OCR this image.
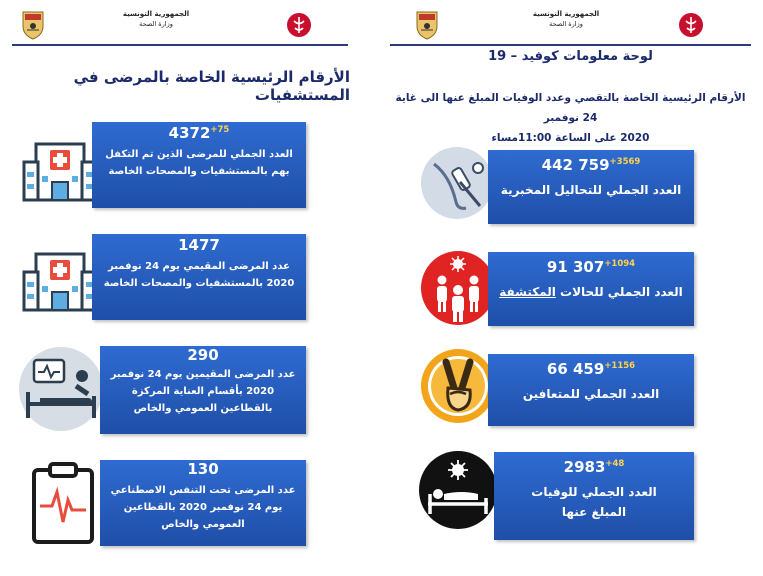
الجمهورية التونسية
وزارة الصحة
الأرقام الرئيسية الخاصة بالمرضى في المستشفيات
$4372^{+75}$
العدد الجملي للمرضى الذين تم التكفل بهم بالمستشفيات والمصحات الخاصة
1477
عدد المرضى المقيمي يوم 24 نوفمبر 2020 بالمستشفيات والمصحات الخاصة
290
عدد المرضى المقيمين يوم 24 نوفمبر 2020 بأقسام العناية المركزة بالقطاعين العمومي والخاص
130
عدد المرضى تحت التنفس الاصطناعي يوم 24 نوفمبر 2020 بالقطاعين العمومي والخاص
الجمهورية التونسية
وزارة الصحة
لوحة معلومات كوفيد – 19
الأرقام الرئيسية الخاصة بالتقصي وعدد الوفيات المبلغ عنها الى غاية 24 نوفمبر
2020 على الساعة 11:00مساء
442 $759^{+3569}$
العدد الجملي للتحاليل المخبرية
91 $307^{+1094}$
العدد الجملي للحالات المكتشفة
66 $459^{+1156}$
العدد الجملي للمتعافين
$2983^{+48}$
العدد الجملي للوفيات المبلغ عنها
